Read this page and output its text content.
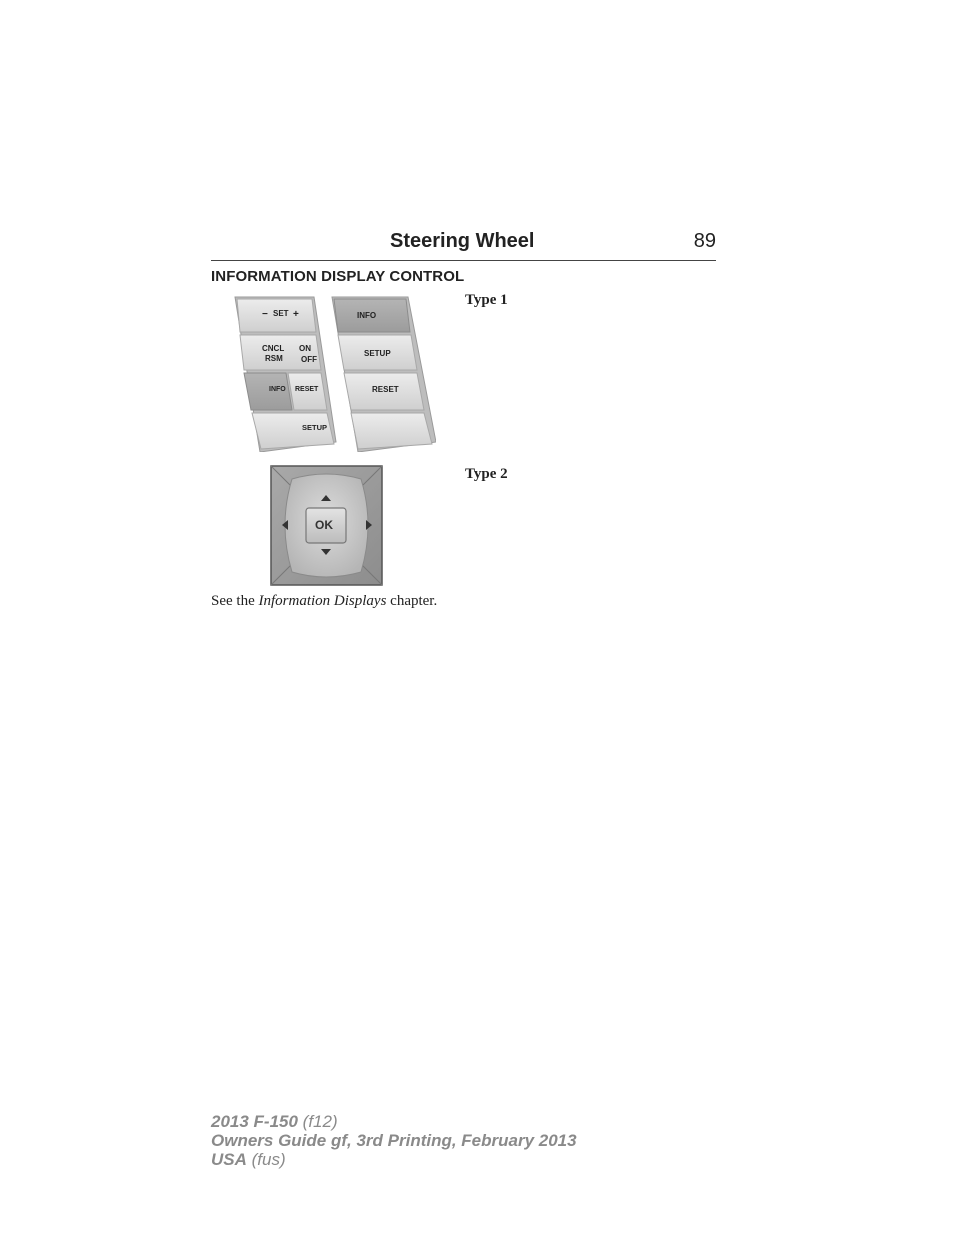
Steering Wheel	89
INFORMATION DISPLAY CONTROL
− SET +
CNCL
RSM
ON
OFF
INFO RESET
SETUP
INFO
SETUP
RESET
Type 1
OK
Type 2
See the Information Displays chapter.
2013 F-150 (f12)
Owners Guide gf, 3rd Printing, February 2013
USA (fus)
